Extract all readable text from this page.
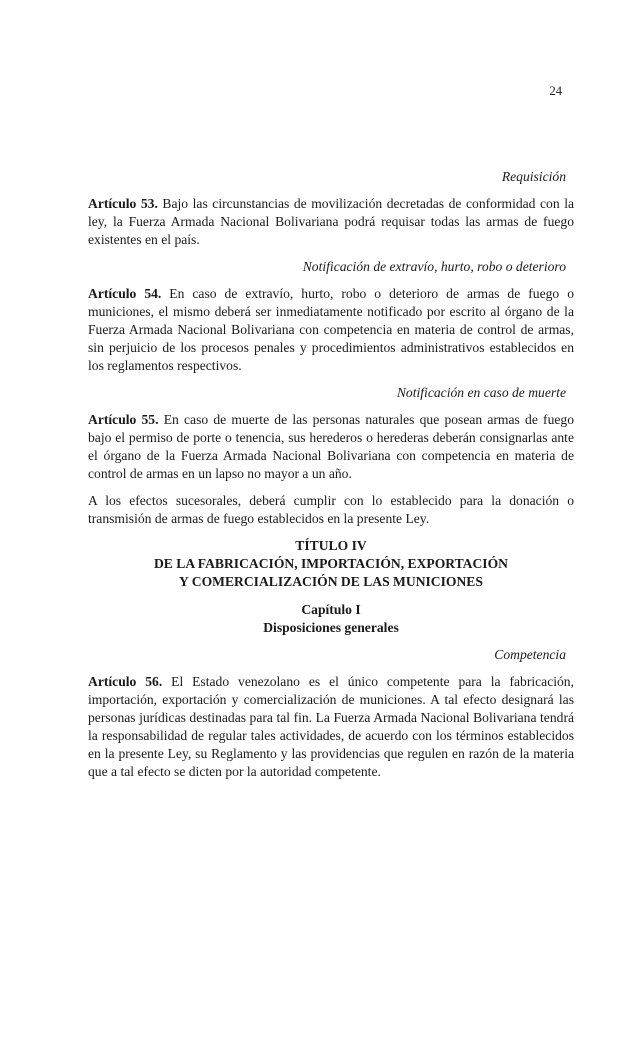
24
Requisición

Artículo 53. Bajo las circunstancias de movilización decretadas de conformidad con la ley, la Fuerza Armada Nacional Bolivariana podrá requisar todas las armas de fuego existentes en el país.

Notificación de extravío, hurto, robo o deterioro

Artículo 54. En caso de extravío, hurto, robo o deterioro de armas de fuego o municiones, el mismo deberá ser inmediatamente notificado por escrito al órgano de la Fuerza Armada Nacional Bolivariana con competencia en materia de control de armas, sin perjuicio de los procesos penales y procedimientos administrativos establecidos en los reglamentos respectivos.

Notificación en caso de muerte

Artículo 55. En caso de muerte de las personas naturales que posean armas de fuego bajo el permiso de porte o tenencia, sus herederos o herederas deberán consignarlas ante el órgano de la Fuerza Armada Nacional Bolivariana con competencia en materia de control de armas en un lapso no mayor a un año.

A los efectos sucesorales, deberá cumplir con lo establecido para la donación o transmisión de armas de fuego establecidos en la presente Ley.

TÍTULO IV
DE LA FABRICACIÓN, IMPORTACIÓN, EXPORTACIÓN
Y COMERCIALIZACIÓN DE LAS MUNICIONES
Capítulo I
Disposiciones generales
Competencia

Artículo 56. El Estado venezolano es el único competente para la fabricación, importación, exportación y comercialización de municiones. A tal efecto designará las personas jurídicas destinadas para tal fin. La Fuerza Armada Nacional Bolivariana tendrá la responsabilidad de regular tales actividades, de acuerdo con los términos establecidos en la presente Ley, su Reglamento y las providencias que regulen en razón de la materia que a tal efecto se dicten por la autoridad competente.
